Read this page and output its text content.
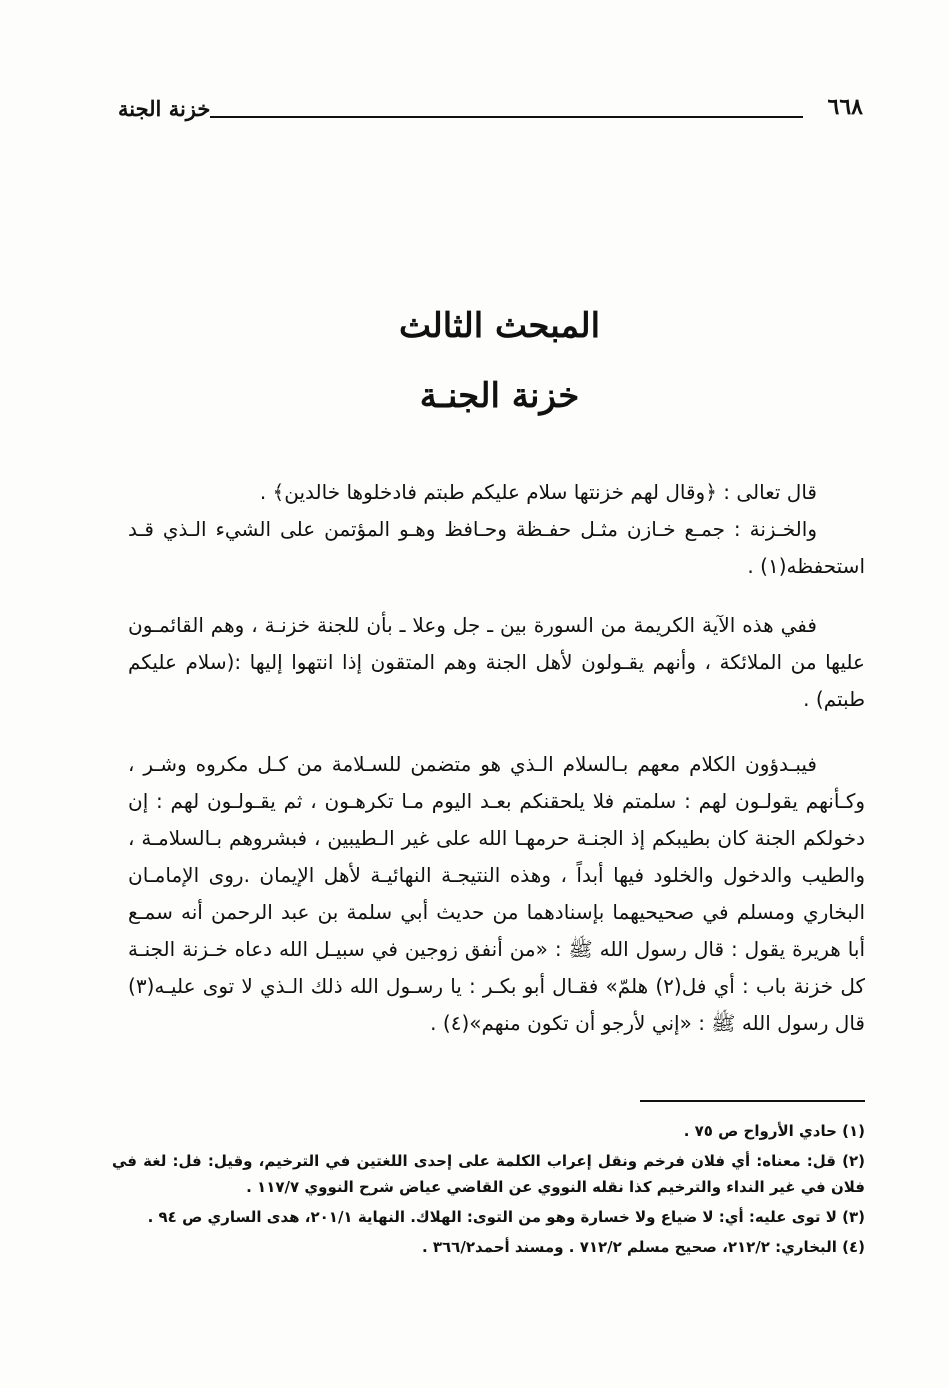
خزنة الجنة	٦٦٨
المبحث الثالث
خزنة الجنـة

قال تعالى : ﴿وقال لهم خزنتها سلام عليكم طبتم فادخلوها خالدين﴾ .

والخـزنة : جمـع خـازن مثـل حفـظة وحـافظ وهـو المؤتمن على الشيء الـذي قـد استحفظه(١) .

ففي هذه الآية الكريمة من السورة بين ـ جل وعلا ـ بأن للجنة خزنـة ، وهم القائمـون عليها من الملائكة ، وأنهم يقـولون لأهل الجنة وهم المتقون إذا انتهوا إليها :(سلام عليكم طبتم) .

فيبـدؤون الكلام معهم بـالسلام الـذي هو متضمن للسـلامة من كـل مكروه وشـر ، وكـأنهم يقولـون لهم : سلمتم فلا يلحقنكم بعـد اليوم مـا تكرهـون ، ثم يقـولـون لهم : إن دخولكم الجنة كان بطيبكم إذ الجنـة حرمهـا الله على غير الـطيبين ، فبشروهم بـالسلامـة ، والطيب والدخول والخلود فيها أبداً ، وهذه النتيجـة النهائيـة لأهل الإيمان .روى الإمامـان البخاري ومسلم في صحيحيهما بإسنادهما من حديث أبي سلمة بن عبد الرحمن أنه سمـع أبا هريرة يقول : قال رسول الله ﷺ : «من أنفق زوجين في سبيـل الله دعاه خـزنة الجنـة كل خزنة باب : أي فل(٢) هلمّ» فقـال أبو بكـر : يا رسـول الله ذلك الـذي لا توى عليـه(٣) قال رسول الله ﷺ : «إني لأرجو أن تكون منهم»(٤) .

(١) حادي الأرواح ص ٧٥ .
(٢) قل: معناه: أي فلان فرخم ونقل إعراب الكلمة على إحدى اللغتين في الترخيم، وقيل: فل: لغة في فلان في غير النداء والترخيم كذا نقله النووي عن القاضي عياض شرح النووي ١١٧/٧ .
(٣) لا توى عليه: أي: لا ضياع ولا خسارة وهو من التوى: الهلاك. النهاية ٢٠١/١، هدى الساري ص ٩٤ .
(٤) البخاري: ٢١٢/٢، صحيح مسلم ٧١٢/٢ . ومسند أحمد٣٦٦/٢ .
